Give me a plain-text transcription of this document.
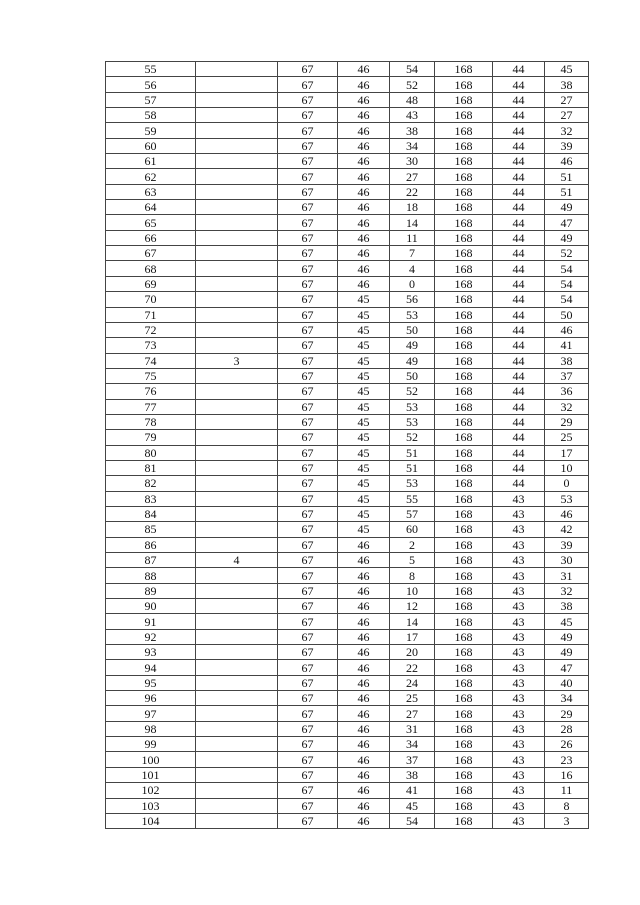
55		67	46	54	168	44	45
56		67	46	52	168	44	38
57		67	46	48	168	44	27
58		67	46	43	168	44	27
59		67	46	38	168	44	32
60		67	46	34	168	44	39
61		67	46	30	168	44	46
62		67	46	27	168	44	51
63		67	46	22	168	44	51
64		67	46	18	168	44	49
65		67	46	14	168	44	47
66		67	46	11	168	44	49
67		67	46	7	168	44	52
68		67	46	4	168	44	54
69		67	46	0	168	44	54
70		67	45	56	168	44	54
71		67	45	53	168	44	50
72		67	45	50	168	44	46
73		67	45	49	168	44	41
74	3	67	45	49	168	44	38
75		67	45	50	168	44	37
76		67	45	52	168	44	36
77		67	45	53	168	44	32
78		67	45	53	168	44	29
79		67	45	52	168	44	25
80		67	45	51	168	44	17
81		67	45	51	168	44	10
82		67	45	53	168	44	0
83		67	45	55	168	43	53
84		67	45	57	168	43	46
85		67	45	60	168	43	42
86		67	46	2	168	43	39
87	4	67	46	5	168	43	30
88		67	46	8	168	43	31
89		67	46	10	168	43	32
90		67	46	12	168	43	38
91		67	46	14	168	43	45
92		67	46	17	168	43	49
93		67	46	20	168	43	49
94		67	46	22	168	43	47
95		67	46	24	168	43	40
96		67	46	25	168	43	34
97		67	46	27	168	43	29
98		67	46	31	168	43	28
99		67	46	34	168	43	26
100		67	46	37	168	43	23
101		67	46	38	168	43	16
102		67	46	41	168	43	11
103		67	46	45	168	43	8
104		67	46	54	168	43	3
